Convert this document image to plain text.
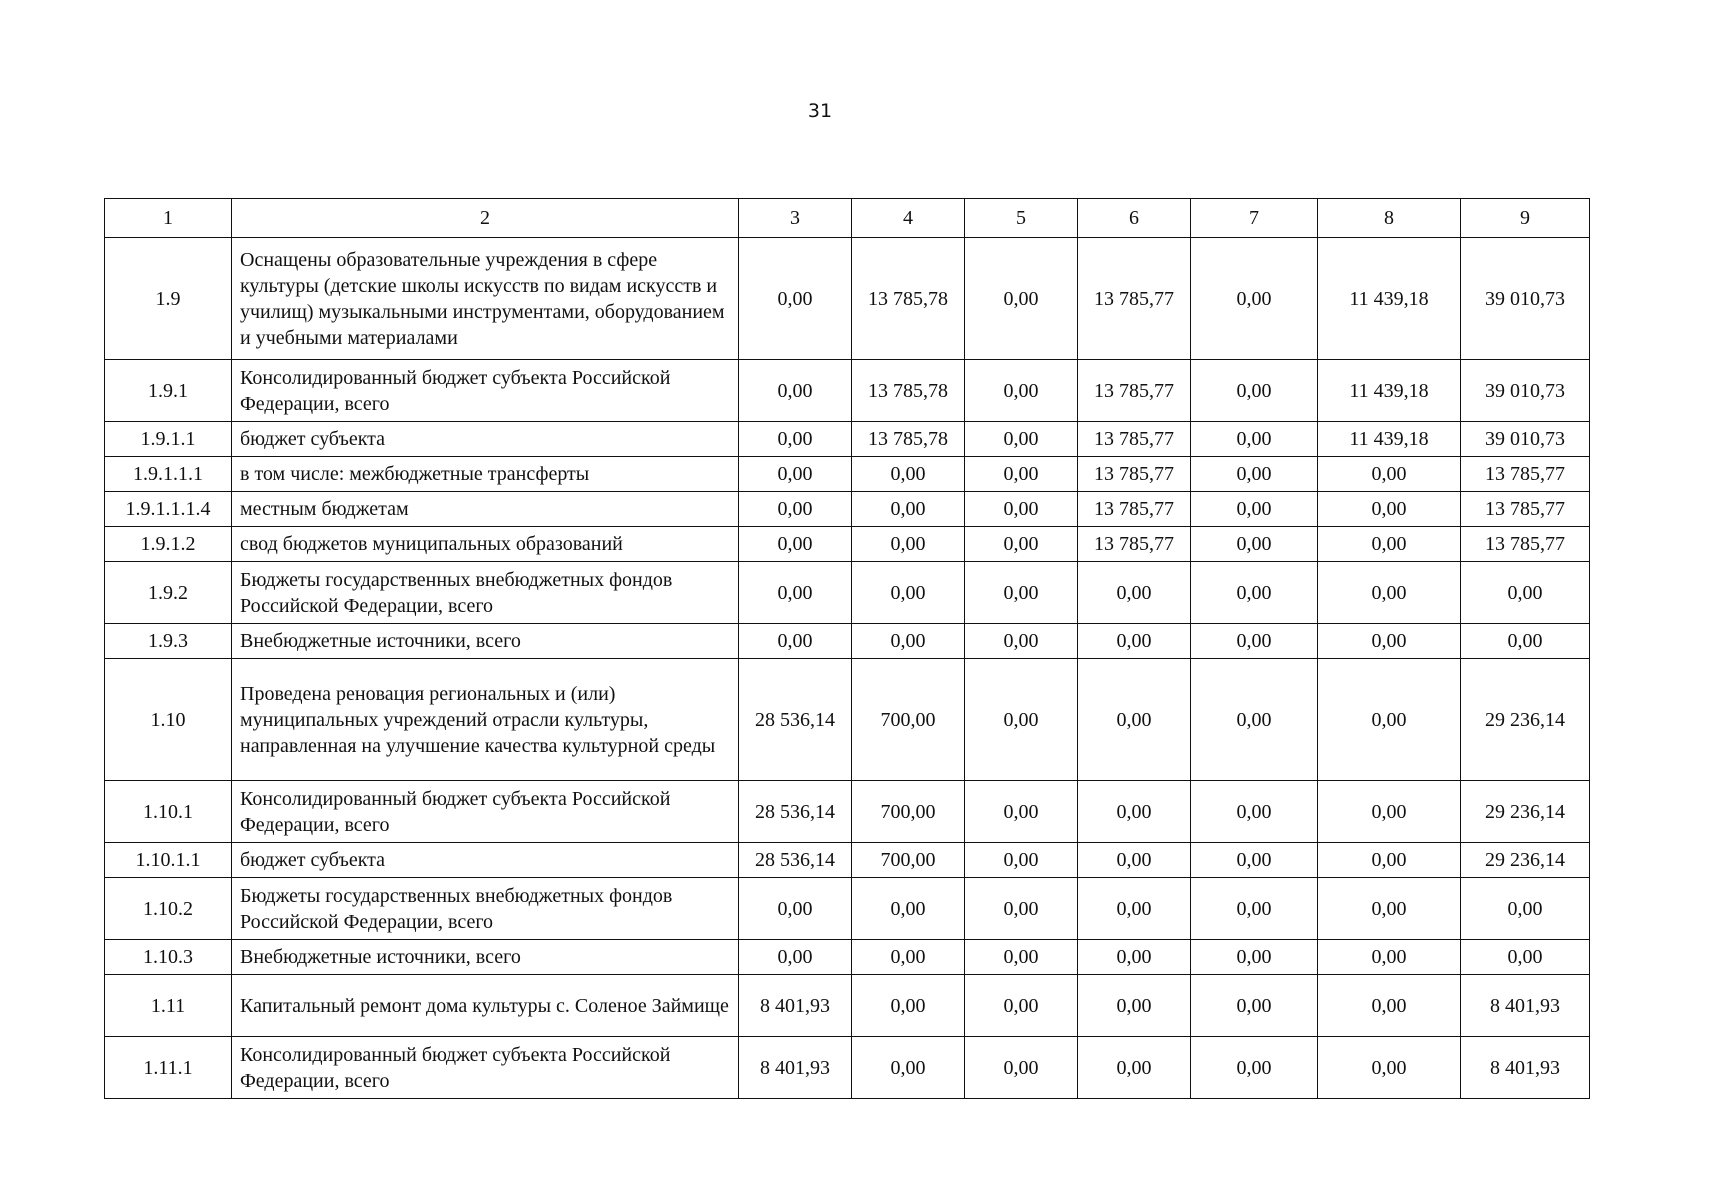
31
1	2	3	4	5	6	7	8	9
1.9	Оснащены образовательные учреждения в сфере культуры (детские школы искусств по видам искусств и училищ) музыкальными инструментами, оборудованием и учебными материалами	0,00	13 785,78	0,00	13 785,77	0,00	11 439,18	39 010,73
1.9.1	Консолидированный бюджет субъекта Российской Федерации, всего	0,00	13 785,78	0,00	13 785,77	0,00	11 439,18	39 010,73
1.9.1.1	бюджет субъекта	0,00	13 785,78	0,00	13 785,77	0,00	11 439,18	39 010,73
1.9.1.1.1	в том числе: межбюджетные трансферты	0,00	0,00	0,00	13 785,77	0,00	0,00	13 785,77
1.9.1.1.1.4	местным бюджетам	0,00	0,00	0,00	13 785,77	0,00	0,00	13 785,77
1.9.1.2	свод бюджетов муниципальных образований	0,00	0,00	0,00	13 785,77	0,00	0,00	13 785,77
1.9.2	Бюджеты государственных внебюджетных фондов Российской Федерации, всего	0,00	0,00	0,00	0,00	0,00	0,00	0,00
1.9.3	Внебюджетные источники, всего	0,00	0,00	0,00	0,00	0,00	0,00	0,00
1.10	Проведена реновация региональных и (или) муниципальных учреждений отрасли культуры, направленная на улучшение качества культурной среды	28 536,14	700,00	0,00	0,00	0,00	0,00	29 236,14
1.10.1	Консолидированный бюджет субъекта Российской Федерации, всего	28 536,14	700,00	0,00	0,00	0,00	0,00	29 236,14
1.10.1.1	бюджет субъекта	28 536,14	700,00	0,00	0,00	0,00	0,00	29 236,14
1.10.2	Бюджеты государственных внебюджетных фондов Российской Федерации, всего	0,00	0,00	0,00	0,00	0,00	0,00	0,00
1.10.3	Внебюджетные источники, всего	0,00	0,00	0,00	0,00	0,00	0,00	0,00
1.11	Капитальный ремонт дома культуры с. Соленое Займище	8 401,93	0,00	0,00	0,00	0,00	0,00	8 401,93
1.11.1	Консолидированный бюджет субъекта Российской Федерации, всего	8 401,93	0,00	0,00	0,00	0,00	0,00	8 401,93
